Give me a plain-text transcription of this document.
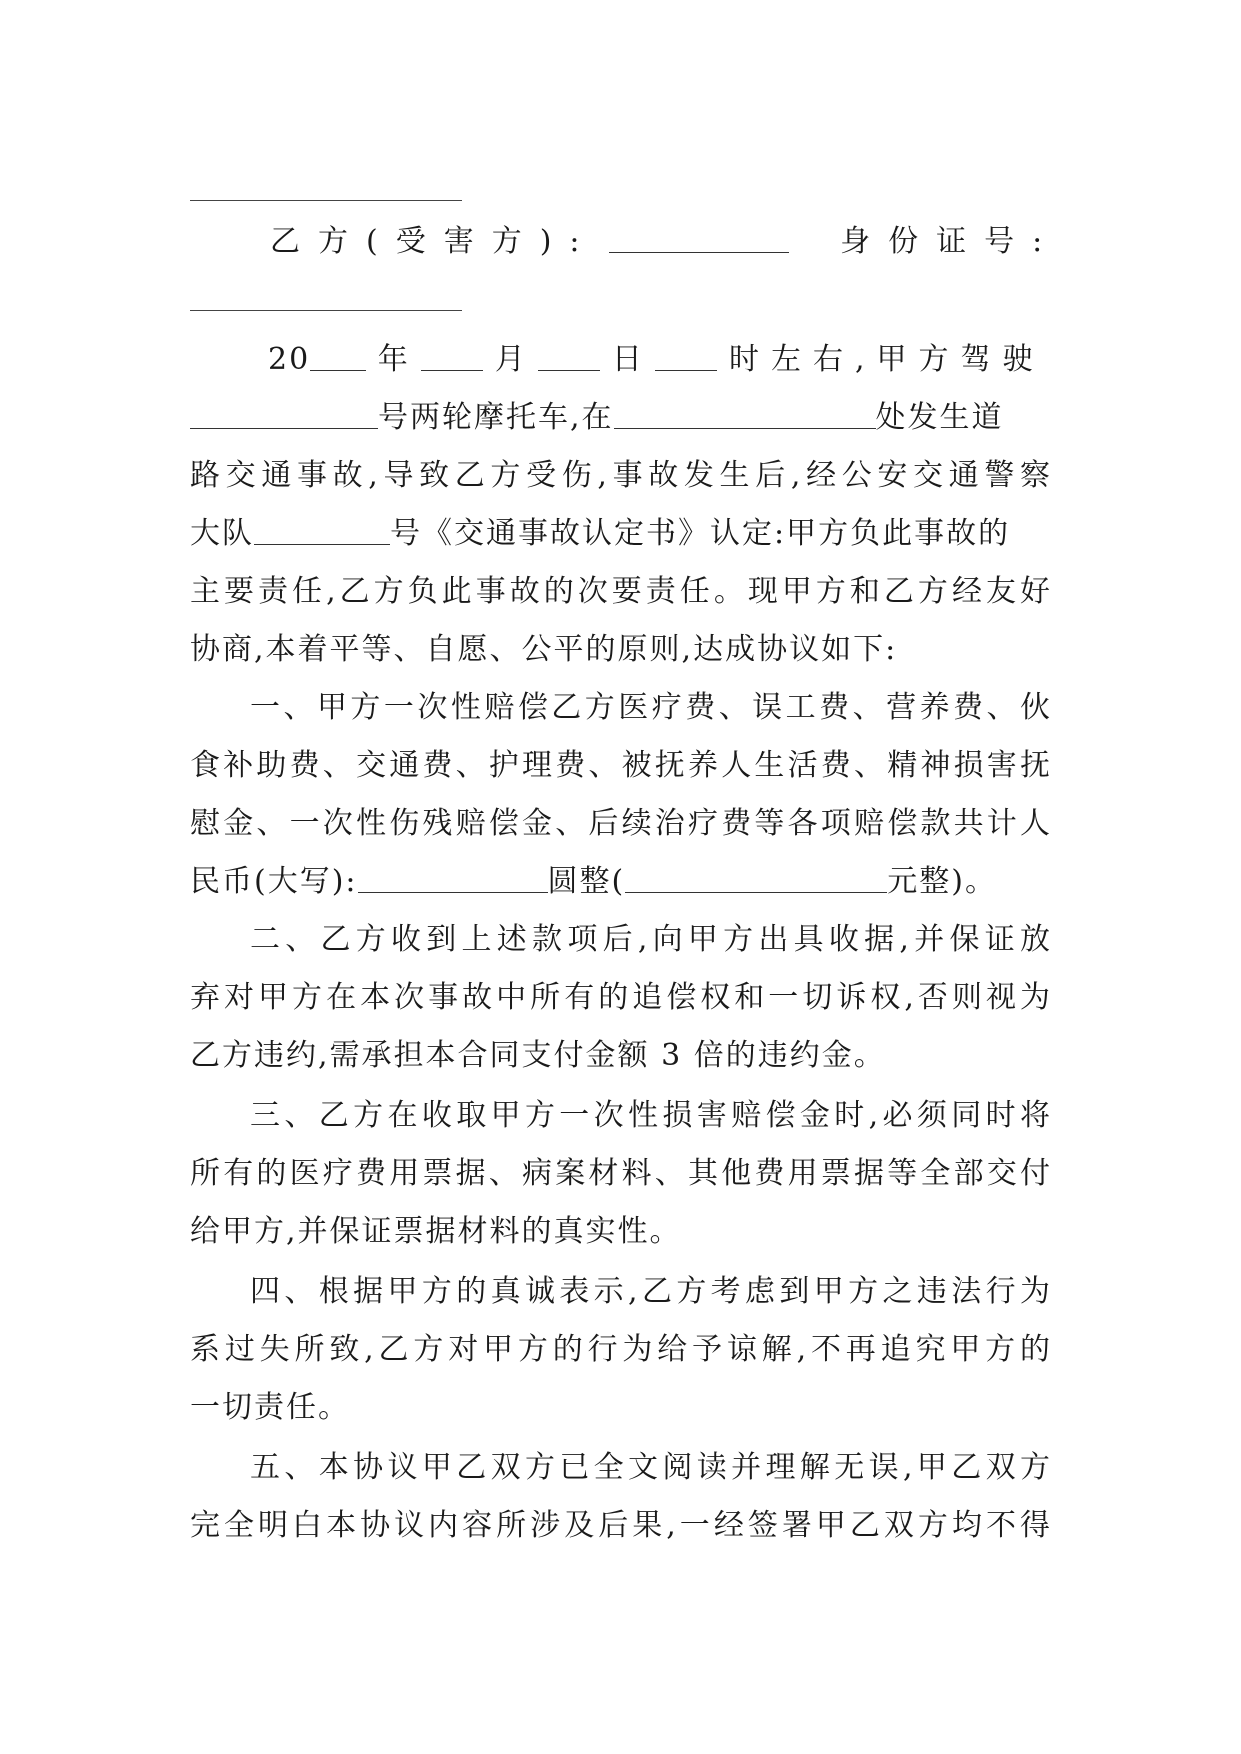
乙方(受害方):	身份证号:
20 年	月	日	时左右,甲方驾驶
号两轮摩托车,在	处发生道
路交通事故,导致乙方受伤,事故发生后,经公安交通警察
大队	号《交通事故认定书》认定:甲方负此事故的
主要责任,乙方负此事故的次要责任。现甲方和乙方经友好
协商,本着平等、自愿、公平的原则,达成协议如下:
一、甲方一次性赔偿乙方医疗费、误工费、营养费、伙
食补助费、交通费、护理费、被抚养人生活费、精神损害抚
慰金、一次性伤残赔偿金、后续治疗费等各项赔偿款共计人
民币(大写):	圆整(	元整)。
二、乙方收到上述款项后,向甲方出具收据,并保证放
弃对甲方在本次事故中所有的追偿权和一切诉权,否则视为
乙方违约,需承担本合同支付金额 3 倍的违约金。
三、乙方在收取甲方一次性损害赔偿金时,必须同时将
所有的医疗费用票据、病案材料、其他费用票据等全部交付
给甲方,并保证票据材料的真实性。
四、根据甲方的真诚表示,乙方考虑到甲方之违法行为
系过失所致,乙方对甲方的行为给予谅解,不再追究甲方的
一切责任。
五、本协议甲乙双方已全文阅读并理解无误,甲乙双方
完全明白本协议内容所涉及后果,一经签署甲乙双方均不得
